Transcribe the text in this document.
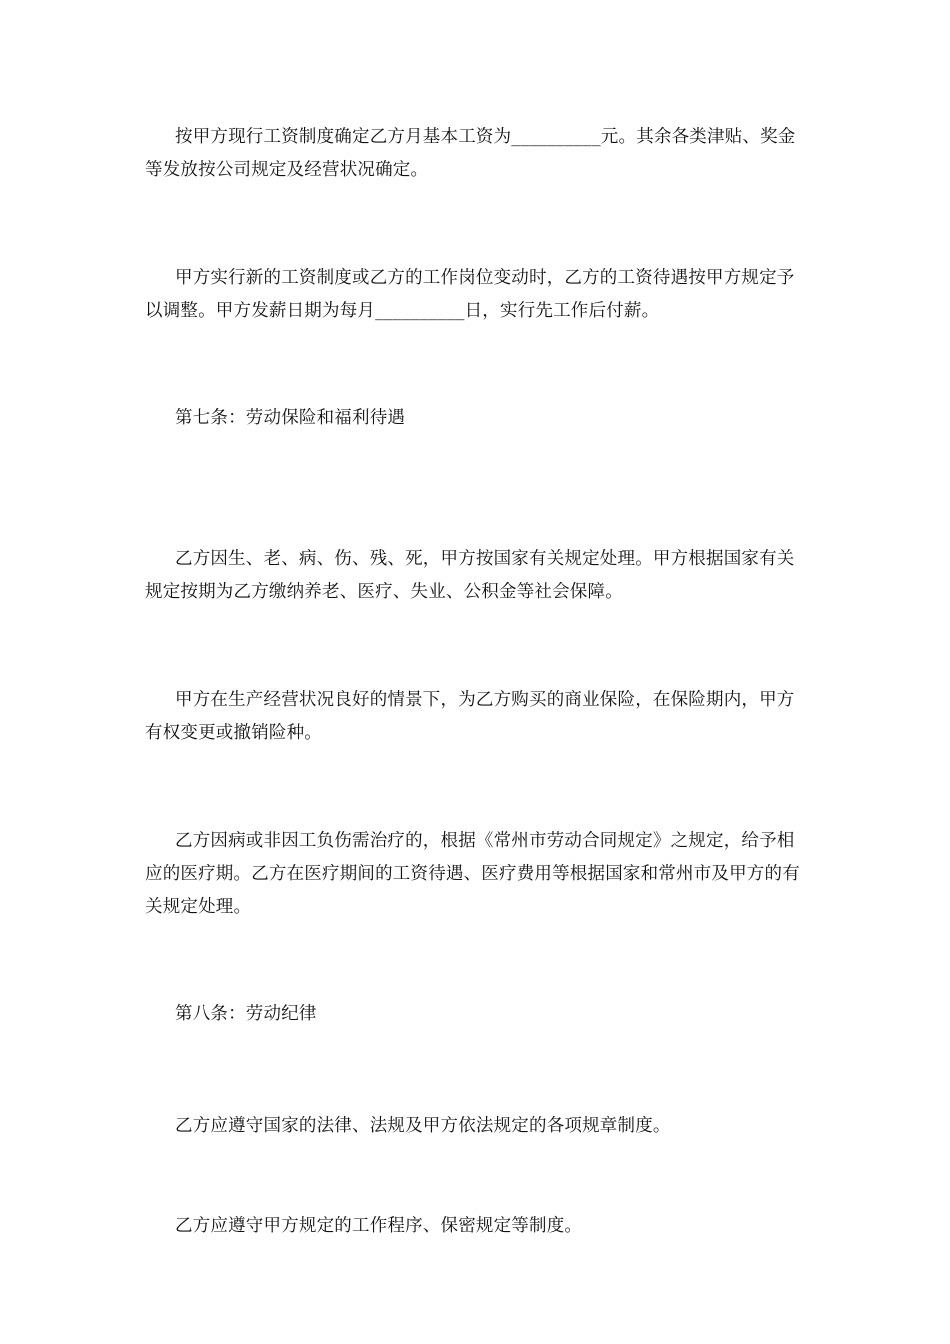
按甲方现行工资制度确定乙方月基本工资为__________元。其余各类津贴、奖金等发放按公司规定及经营状况确定。

甲方实行新的工资制度或乙方的工作岗位变动时，乙方的工资待遇按甲方规定予以调整。甲方发薪日期为每月__________日，实行先工作后付薪。

第七条：劳动保险和福利待遇

乙方因生、老、病、伤、残、死，甲方按国家有关规定处理。甲方根据国家有关规定按期为乙方缴纳养老、医疗、失业、公积金等社会保障。

甲方在生产经营状况良好的情景下，为乙方购买的商业保险，在保险期内，甲方有权变更或撤销险种。

乙方因病或非因工负伤需治疗的，根据《常州市劳动合同规定》之规定，给予相应的医疗期。乙方在医疗期间的工资待遇、医疗费用等根据国家和常州市及甲方的有关规定处理。

第八条：劳动纪律

乙方应遵守国家的法律、法规及甲方依法规定的各项规章制度。

乙方应遵守甲方规定的工作程序、保密规定等制度。
